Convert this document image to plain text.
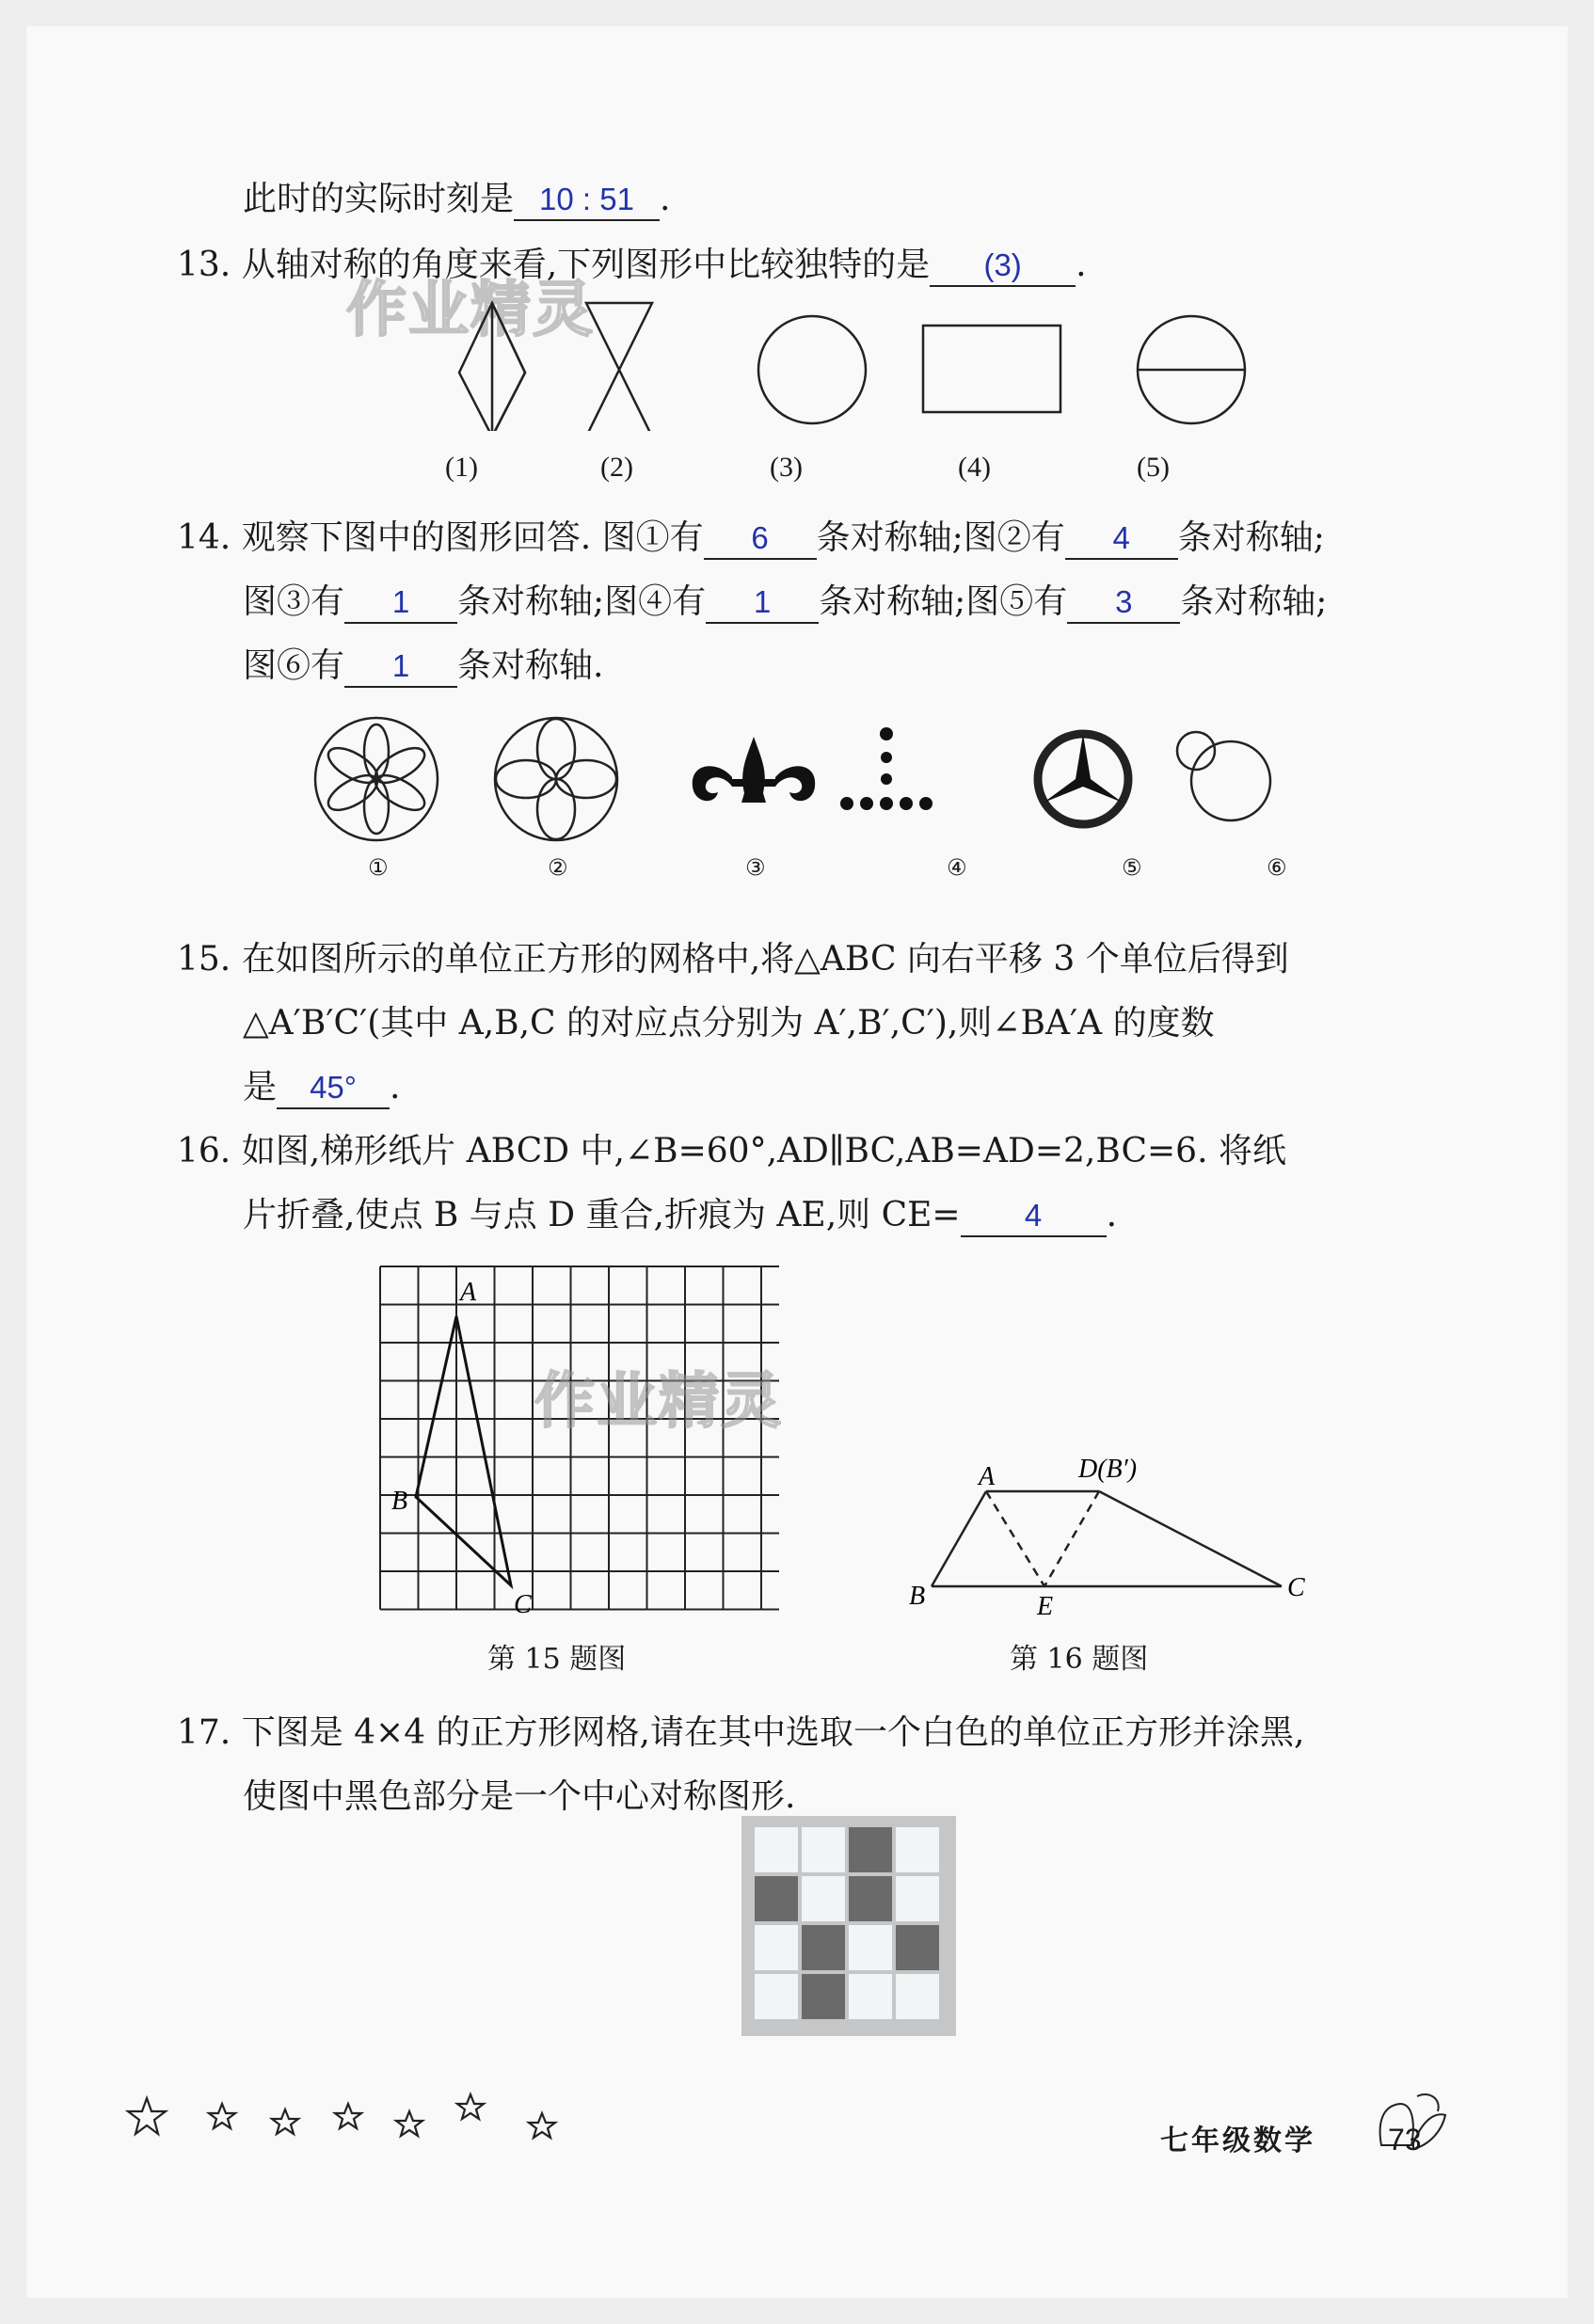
此时的实际时刻是 10 : 51 .
13. 从轴对称的角度来看,下列图形中比较独特的是 (3) .
作业精灵
(1)	(2)	(3)	(4)	(5)
14. 观察下图中的图形回答. 图①有 6 条对称轴;图②有 4 条对称轴;
图③有 1 条对称轴;图④有 1 条对称轴;图⑤有 3 条对称轴;
图⑥有 1 条对称轴.
①	②	③	④	⑤	⑥
15. 在如图所示的单位正方形的网格中,将△ABC 向右平移 3 个单位后得到
△A′B′C′(其中 A,B,C 的对应点分别为 A′,B′,C′),则∠BA′A 的度数
是 45° .
16. 如图,梯形纸片 ABCD 中,∠B=60°,AD∥BC,AB=AD=2,BC=6. 将纸
片折叠,使点 B 与点 D 重合,折痕为 AE,则 CE= 4 .
A
B
C
作业精灵
第 15 题图
A	D(B′)
B	E
C
第 16 题图
17. 下图是 4×4 的正方形网格,请在其中选取一个白色的单位正方形并涂黑,
使图中黑色部分是一个中心对称图形.
七年级数学 73
